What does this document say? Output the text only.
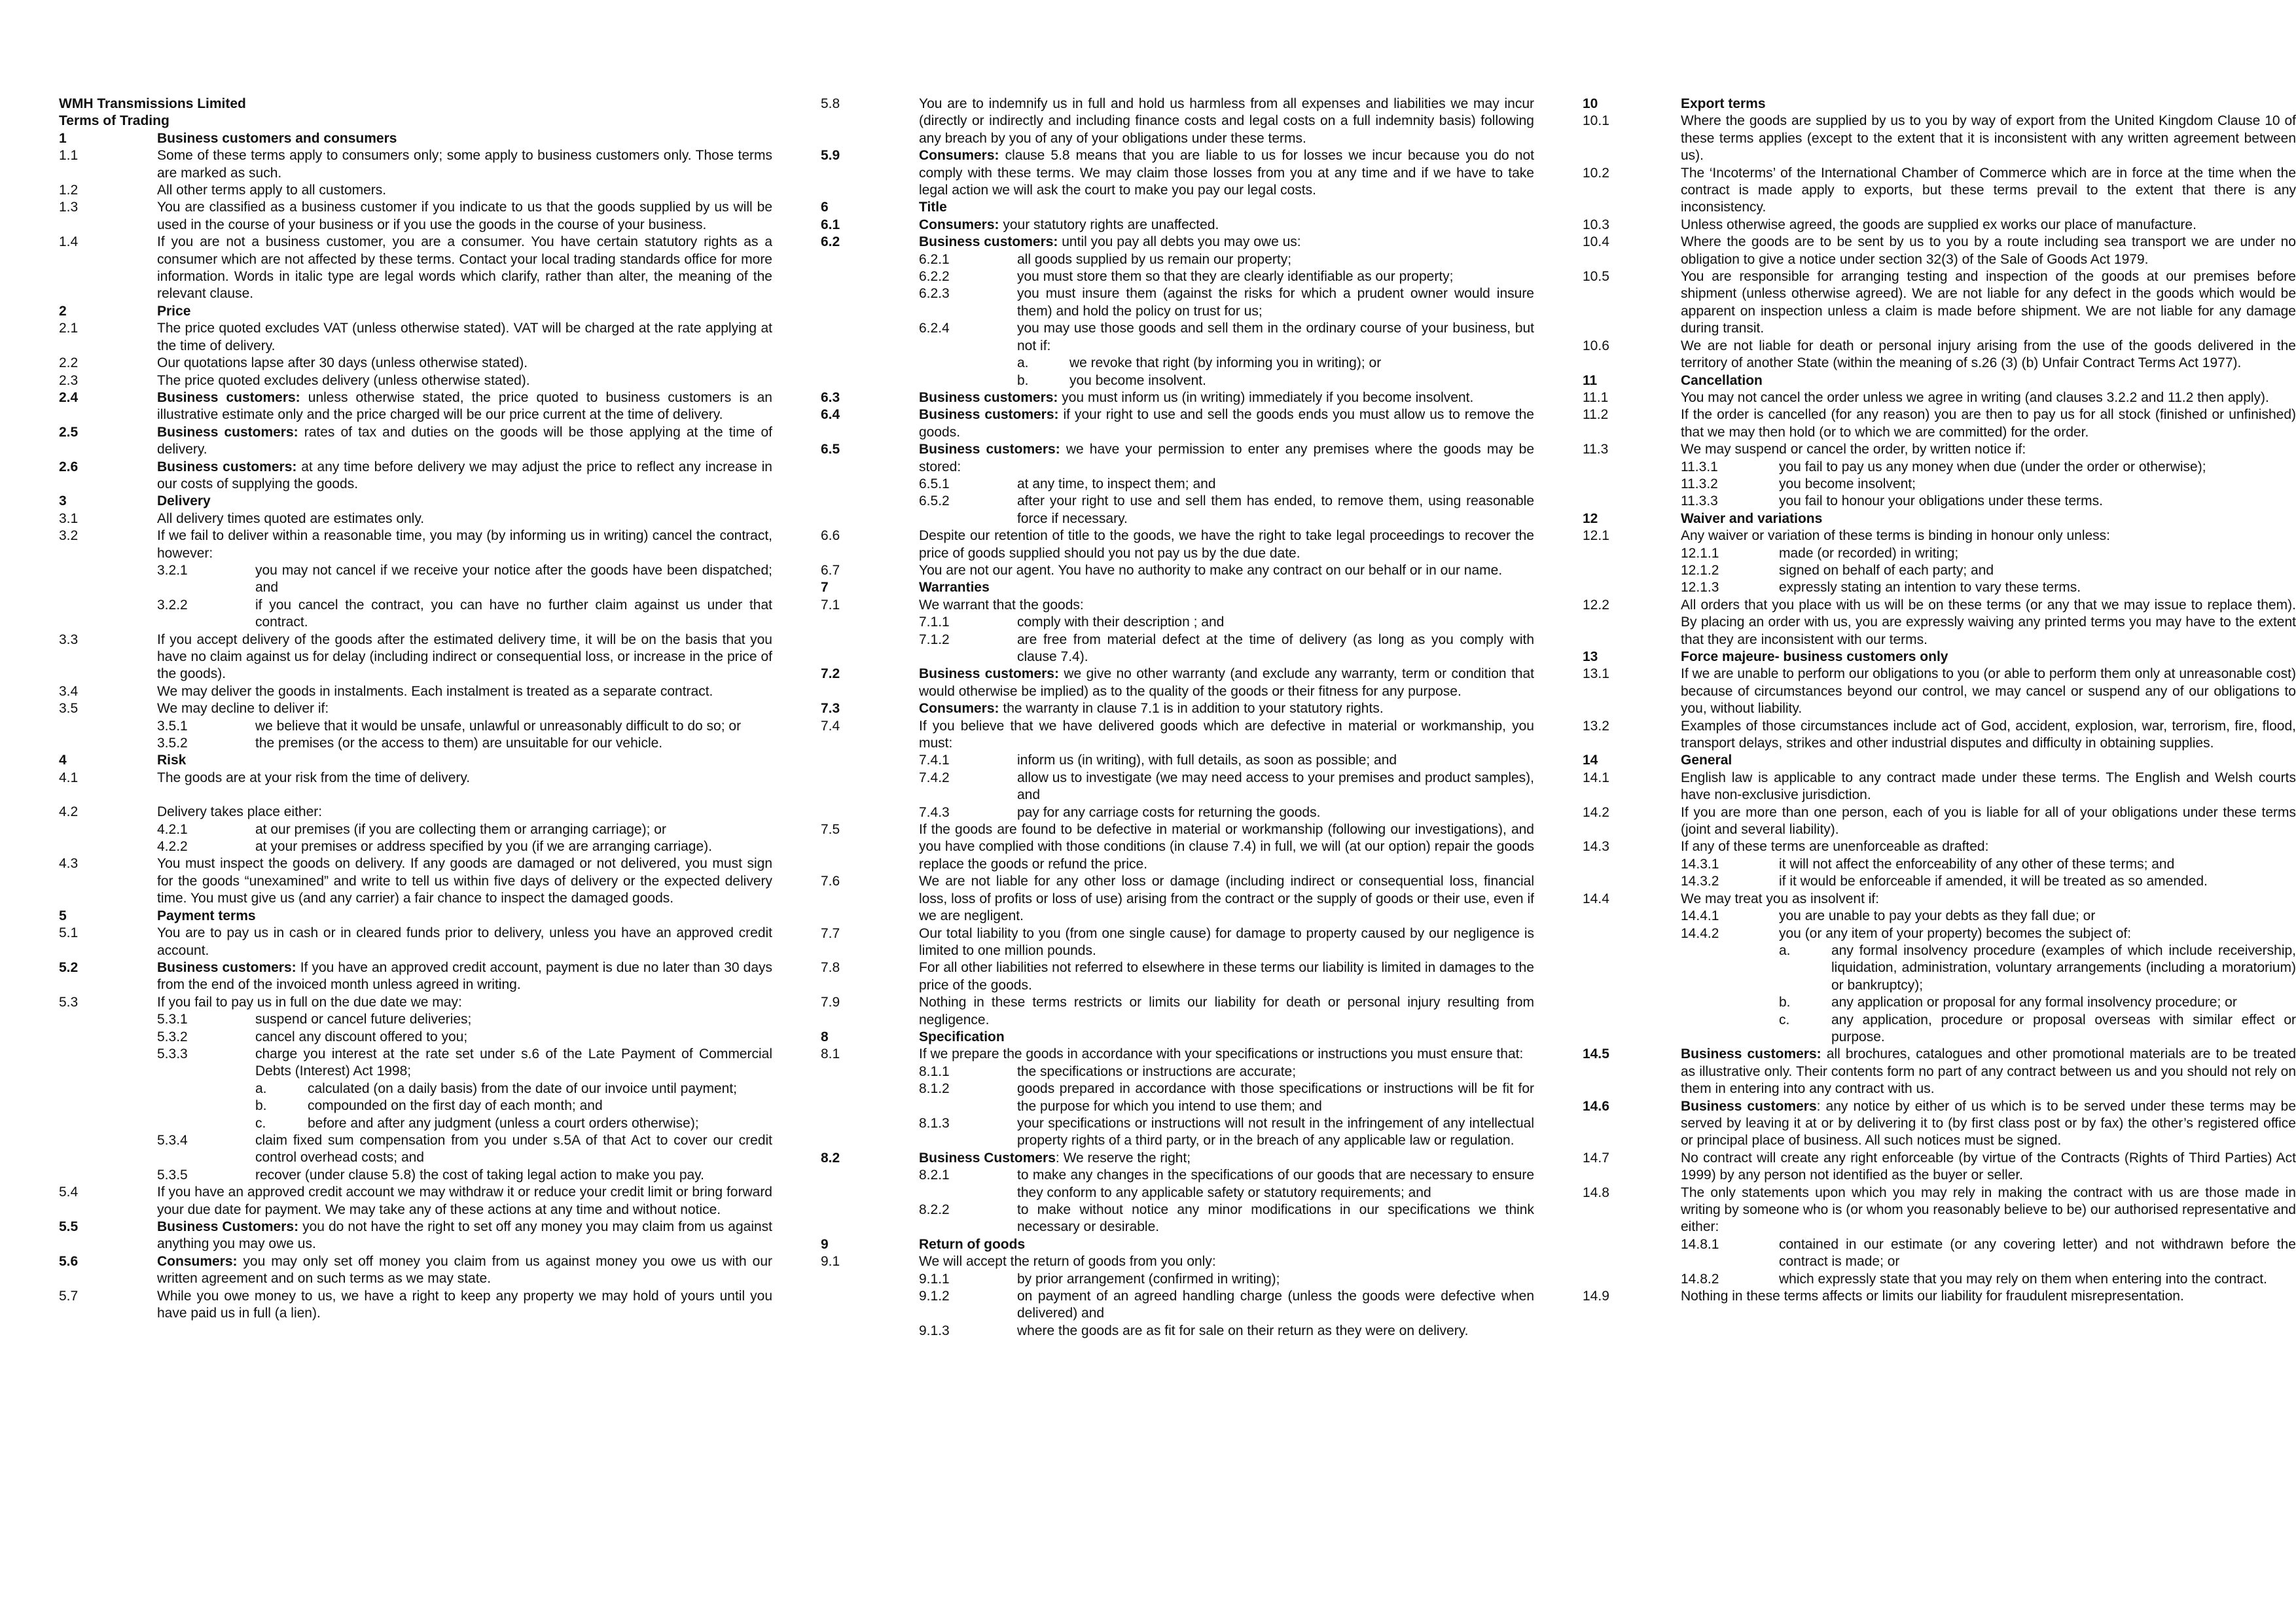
WMH Transmissions Limited
Terms of Trading
1	Business customers and consumers
1.1	Some of these terms apply to consumers only; some apply to business customers only. Those terms are marked as such.
1.2	All other terms apply to all customers.
1.3	You are classified as a business customer if you indicate to us that the goods supplied by us will be used in the course of your business or if you use the goods in the course of your business.
1.4	If you are not a business customer, you are a consumer. You have certain statutory rights as a consumer which are not affected by these terms. Contact your local trading standards office for more information. Words in italic type are legal words which clarify, rather than alter, the meaning of the relevant clause.
2	Price
2.1	The price quoted excludes VAT (unless otherwise stated). VAT will be charged at the rate applying at the time of delivery.
2.2	Our quotations lapse after 30 days (unless otherwise stated).
2.3	The price quoted excludes delivery (unless otherwise stated).
2.4	Business customers: unless otherwise stated, the price quoted to business customers is an illustrative estimate only and the price charged will be our price current at the time of delivery.
2.5	Business customers: rates of tax and duties on the goods will be those applying at the time of delivery.
2.6	Business customers: at any time before delivery we may adjust the price to reflect any increase in our costs of supplying the goods.
3	Delivery
3.1	All delivery times quoted are estimates only.
3.2	If we fail to deliver within a reasonable time, you may (by informing us in writing) cancel the contract, however:
3.2.1	you may not cancel if we receive your notice after the goods have been dispatched; and
3.2.2	if you cancel the contract, you can have no further claim against us under that contract.
3.3	If you accept delivery of the goods after the estimated delivery time, it will be on the basis that you have no claim against us for delay (including indirect or consequential loss, or increase in the price of the goods).
3.4	We may deliver the goods in instalments. Each instalment is treated as a separate contract.
3.5	We may decline to deliver if:
3.5.1	we believe that it would be unsafe, unlawful or unreasonably difficult to do so; or
3.5.2	the premises (or the access to them) are unsuitable for our vehicle.
4	Risk
4.1	The goods are at your risk from the time of delivery.
4.2	Delivery takes place either:
4.2.1	at our premises (if you are collecting them or arranging carriage); or
4.2.2	at your premises or address specified by you (if we are arranging carriage).
4.3	You must inspect the goods on delivery. If any goods are damaged or not delivered, you must sign for the goods “unexamined” and write to tell us within five days of delivery or the expected delivery time. You must give us (and any carrier) a fair chance to inspect the damaged goods.
5	Payment terms
5.1	You are to pay us in cash or in cleared funds prior to delivery, unless you have an approved credit account.
5.2	Business customers: If you have an approved credit account, payment is due no later than 30 days from the end of the invoiced month unless agreed in writing.
5.3	If you fail to pay us in full on the due date we may:
5.3.1	suspend or cancel future deliveries;
5.3.2	cancel any discount offered to you;
5.3.3	charge you interest at the rate set under s.6 of the Late Payment of Commercial Debts (Interest) Act 1998;
a.	calculated (on a daily basis) from the date of our invoice until payment;
b.	compounded on the first day of each month; and
c.	before and after any judgment (unless a court orders otherwise);
5.3.4	claim fixed sum compensation from you under s.5A of that Act to cover our credit control overhead costs; and
5.3.5	recover (under clause 5.8) the cost of taking legal action to make you pay.
5.4	If you have an approved credit account we may withdraw it or reduce your credit limit or bring forward your due date for payment. We may take any of these actions at any time and without notice.
5.5	Business Customers: you do not have the right to set off any money you may claim from us against anything you may owe us.
5.6	Consumers: you may only set off money you claim from us against money you owe us with our written agreement and on such terms as we may state.
5.7	While you owe money to us, we have a right to keep any property we may hold of yours until you have paid us in full (a lien).
5.8	You are to indemnify us in full and hold us harmless from all expenses and liabilities we may incur (directly or indirectly and including finance costs and legal costs on a full indemnity basis) following any breach by you of any of your obligations under these terms.
5.9	Consumers: clause 5.8 means that you are liable to us for losses we incur because you do not comply with these terms. We may claim those losses from you at any time and if we have to take legal action we will ask the court to make you pay our legal costs.
6	Title
6.1	Consumers: your statutory rights are unaffected.
6.2	Business customers: until you pay all debts you may owe us:
6.2.1	all goods supplied by us remain our property;
6.2.2	you must store them so that they are clearly identifiable as our property;
6.2.3	you must insure them (against the risks for which a prudent owner would insure them) and hold the policy on trust for us;
6.2.4	you may use those goods and sell them in the ordinary course of your business, but not if:
a.	we revoke that right (by informing you in writing); or
b.	you become insolvent.
6.3	Business customers: you must inform us (in writing) immediately if you become insolvent.
6.4	Business customers: if your right to use and sell the goods ends you must allow us to remove the goods.
6.5	Business customers: we have your permission to enter any premises where the goods may be stored:
6.5.1	at any time, to inspect them; and
6.5.2	after your right to use and sell them has ended, to remove them, using reasonable force if necessary.
6.6	Despite our retention of title to the goods, we have the right to take legal proceedings to recover the price of goods supplied should you not pay us by the due date.
6.7	You are not our agent. You have no authority to make any contract on our behalf or in our name.
7	Warranties
7.1	We warrant that the goods:
7.1.1	comply with their description ; and
7.1.2	are free from material defect at the time of delivery (as long as you comply with clause 7.4).
7.2	Business customers: we give no other warranty (and exclude any warranty, term or condition that would otherwise be implied) as to the quality of the goods or their fitness for any purpose.
7.3	Consumers: the warranty in clause 7.1 is in addition to your statutory rights.
7.4	If you believe that we have delivered goods which are defective in material or workmanship, you must:
7.4.1	inform us (in writing), with full details, as soon as possible; and
7.4.2	allow us to investigate (we may need access to your premises and product samples), and
7.4.3	pay for any carriage costs for returning the goods.
7.5	If the goods are found to be defective in material or workmanship (following our investigations), and you have complied with those conditions (in clause 7.4) in full, we will (at our option) repair the goods replace the goods or refund the price.
7.6	We are not liable for any other loss or damage (including indirect or consequential loss, financial loss, loss of profits or loss of use) arising from the contract or the supply of goods or their use, even if we are negligent.
7.7	Our total liability to you (from one single cause) for damage to property caused by our negligence is limited to one million pounds.
7.8	For all other liabilities not referred to elsewhere in these terms our liability is limited in damages to the price of the goods.
7.9	Nothing in these terms restricts or limits our liability for death or personal injury resulting from negligence.
8	Specification
8.1	If we prepare the goods in accordance with your specifications or instructions you must ensure that:
8.1.1	the specifications or instructions are accurate;
8.1.2	goods prepared in accordance with those specifications or instructions will be fit for the purpose for which you intend to use them; and
8.1.3	your specifications or instructions will not result in the infringement of any intellectual property rights of a third party, or in the breach of any applicable law or regulation.
8.2	Business Customers: We reserve the right;
8.2.1	to make any changes in the specifications of our goods that are necessary to ensure they conform to any applicable safety or statutory requirements; and
8.2.2	to make without notice any minor modifications in our specifications we think necessary or desirable.
9	Return of goods
9.1	We will accept the return of goods from you only:
9.1.1	by prior arrangement (confirmed in writing);
9.1.2	on payment of an agreed handling charge (unless the goods were defective when delivered) and
9.1.3	where the goods are as fit for sale on their return as they were on delivery.
10	Export terms
10.1	Where the goods are supplied by us to you by way of export from the United Kingdom Clause 10 of these terms applies (except to the extent that it is inconsistent with any written agreement between us).
10.2	The ‘Incoterms’ of the International Chamber of Commerce which are in force at the time when the contract is made apply to exports, but these terms prevail to the extent that there is any inconsistency.
10.3	Unless otherwise agreed, the goods are supplied ex works our place of manufacture.
10.4	Where the goods are to be sent by us to you by a route including sea transport we are under no obligation to give a notice under section 32(3) of the Sale of Goods Act 1979.
10.5	You are responsible for arranging testing and inspection of the goods at our premises before shipment (unless otherwise agreed). We are not liable for any defect in the goods which would be apparent on inspection unless a claim is made before shipment. We are not liable for any damage during transit.
10.6	We are not liable for death or personal injury arising from the use of the goods delivered in the territory of another State (within the meaning of s.26 (3) (b) Unfair Contract Terms Act 1977).
11	Cancellation
11.1	You may not cancel the order unless we agree in writing (and clauses 3.2.2 and 11.2 then apply).
11.2	If the order is cancelled (for any reason) you are then to pay us for all stock (finished or unfinished) that we may then hold (or to which we are committed) for the order.
11.3	We may suspend or cancel the order, by written notice if:
11.3.1	you fail to pay us any money when due (under the order or otherwise);
11.3.2	you become insolvent;
11.3.3	you fail to honour your obligations under these terms.
12	Waiver and variations
12.1	Any waiver or variation of these terms is binding in honour only unless:
12.1.1	made (or recorded) in writing;
12.1.2	signed on behalf of each party; and
12.1.3	expressly stating an intention to vary these terms.
12.2	All orders that you place with us will be on these terms (or any that we may issue to replace them). By placing an order with us, you are expressly waiving any printed terms you may have to the extent that they are inconsistent with our terms.
13	Force majeure- business customers only
13.1	If we are unable to perform our obligations to you (or able to perform them only at unreasonable cost) because of circumstances beyond our control, we may cancel or suspend any of our obligations to you, without liability.
13.2	Examples of those circumstances include act of God, accident, explosion, war, terrorism, fire, flood, transport delays, strikes and other industrial disputes and difficulty in obtaining supplies.
14	General
14.1	English law is applicable to any contract made under these terms. The English and Welsh courts have non-exclusive jurisdiction.
14.2	If you are more than one person, each of you is liable for all of your obligations under these terms (joint and several liability).
14.3	If any of these terms are unenforceable as drafted:
14.3.1	it will not affect the enforceability of any other of these terms; and
14.3.2	if it would be enforceable if amended, it will be treated as so amended.
14.4	We may treat you as insolvent if:
14.4.1	you are unable to pay your debts as they fall due; or
14.4.2	you (or any item of your property) becomes the subject of:
a.	any formal insolvency procedure (examples of which include receivership, liquidation, administration, voluntary arrangements (including a moratorium) or bankruptcy);
b.	any application or proposal for any formal insolvency procedure; or
c.	any application, procedure or proposal overseas with similar effect or purpose.
14.5	Business customers: all brochures, catalogues and other promotional materials are to be treated as illustrative only. Their contents form no part of any contract between us and you should not rely on them in entering into any contract with us.
14.6	Business customers: any notice by either of us which is to be served under these terms may be served by leaving it at or by delivering it to (by first class post or by fax) the other’s registered office or principal place of business. All such notices must be signed.
14.7	No contract will create any right enforceable (by virtue of the Contracts (Rights of Third Parties) Act 1999) by any person not identified as the buyer or seller.
14.8	The only statements upon which you may rely in making the contract with us are those made in writing by someone who is (or whom you reasonably believe to be) our authorised representative and either:
14.8.1	contained in our estimate (or any covering letter) and not withdrawn before the contract is made; or
14.8.2	which expressly state that you may rely on them when entering into the contract.
14.9	Nothing in these terms affects or limits our liability for fraudulent misrepresentation.
